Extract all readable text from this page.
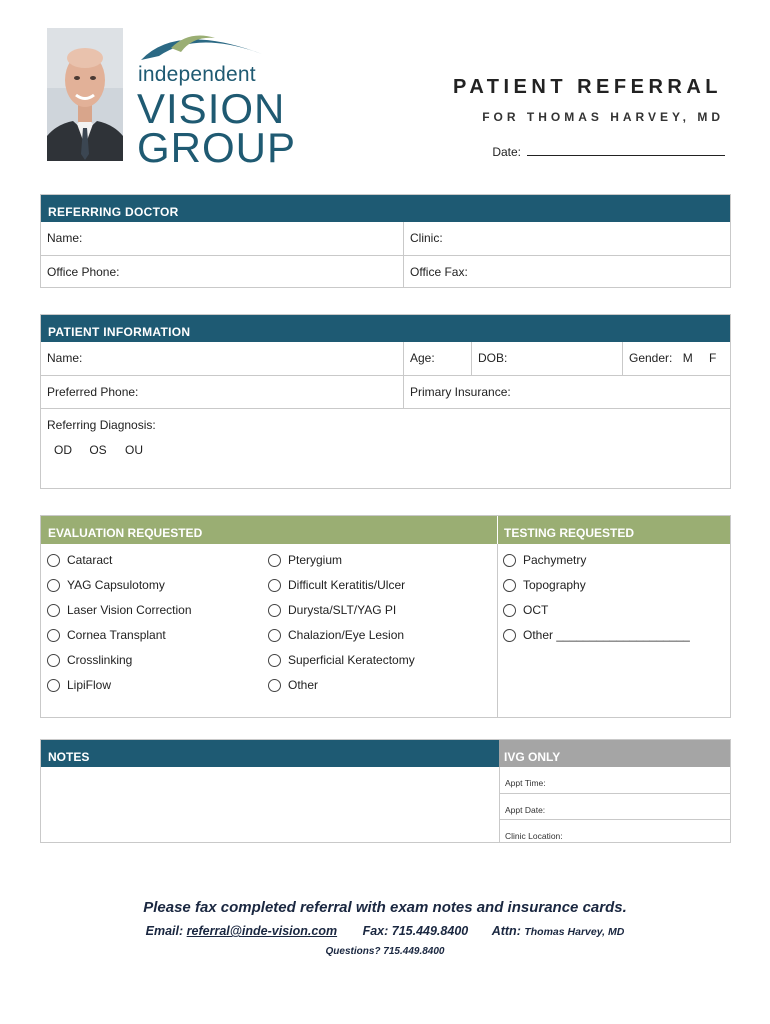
independent
VISION
GROUP
PATIENT REFERRAL
FOR THOMAS HARVEY, MD
Date:
REFERRING DOCTOR
Name:	Clinic:
Office Phone:	Office Fax:
PATIENT INFORMATION
Name:	Age:	DOB:	Gender: M F
Preferred Phone:	Primary Insurance:
Referring Diagnosis:
OD OS OU
EVALUATION REQUESTED	TESTING REQUESTED
Cataract
YAG Capsulotomy
Laser Vision Correction
Cornea Transplant
Crosslinking
LipiFlow
Pterygium
Difficult Keratitis/Ulcer
Durysta/SLT/YAG PI
Chalazion/Eye Lesion
Superficial Keratectomy
Other
Pachymetry
Topography
OCT
Other ____________________
NOTES	IVG ONLY
Appt Time:
Appt Date:
Clinic Location:
Please fax completed referral with exam notes and insurance cards.
Email: referral@inde-vision.com Fax: 715.449.8400 Attn: Thomas Harvey, MD
Questions? 715.449.8400
